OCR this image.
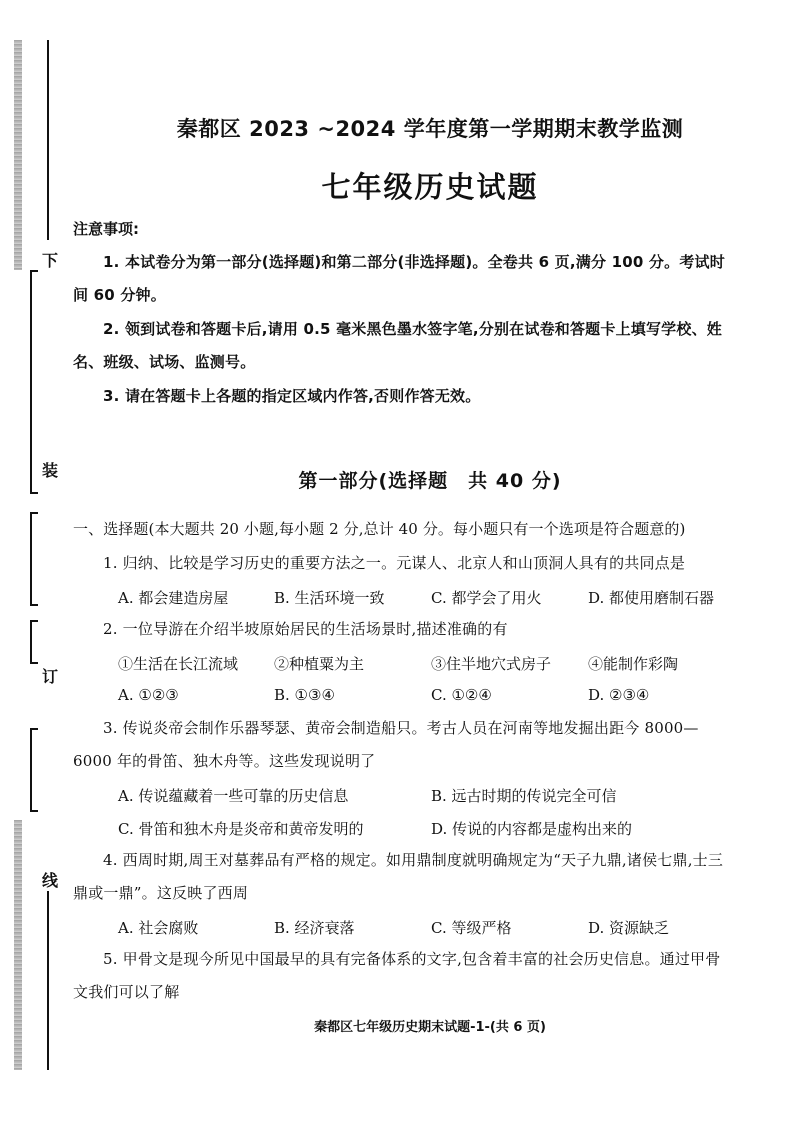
下
装
订
线
秦都区 2023 ~2024 学年度第一学期期末教学监测
七年级历史试题
注意事项:
1. 本试卷分为第一部分(选择题)和第二部分(非选择题)。全卷共 6 页,满分 100 分。考试时间 60 分钟。
2. 领到试卷和答题卡后,请用 0.5 毫米黑色墨水签字笔,分别在试卷和答题卡上填写学校、姓名、班级、试场、监测号。
3. 请在答题卡上各题的指定区域内作答,否则作答无效。
第一部分(选择题　共 40 分)
一、选择题(本大题共 20 小题,每小题 2 分,总计 40 分。每小题只有一个选项是符合题意的)
1. 归纳、比较是学习历史的重要方法之一。元谋人、北京人和山顶洞人具有的共同点是
A. 都会建造房屋	B. 生活环境一致	C. 都学会了用火	D. 都使用磨制石器
2. 一位导游在介绍半坡原始居民的生活场景时,描述准确的有
①生活在长江流域 ②种植粟为主	③住半地穴式房子 ④能制作彩陶
A. ①②③	B. ①③④	C. ①②④	D. ②③④
3. 传说炎帝会制作乐器琴瑟、黄帝会制造船只。考古人员在河南等地发掘出距今 8000—6000 年的骨笛、独木舟等。这些发现说明了
A. 传说蕴藏着一些可靠的历史信息	B. 远古时期的传说完全可信
C. 骨笛和独木舟是炎帝和黄帝发明的	D. 传说的内容都是虚构出来的
4. 西周时期,周王对墓葬品有严格的规定。如用鼎制度就明确规定为“天子九鼎,诸侯七鼎,士三鼎或一鼎”。这反映了西周
A. 社会腐败	B. 经济衰落	C. 等级严格	D. 资源缺乏
5. 甲骨文是现今所见中国最早的具有完备体系的文字,包含着丰富的社会历史信息。通过甲骨文我们可以了解
秦都区七年级历史期末试题-1-(共 6 页)
